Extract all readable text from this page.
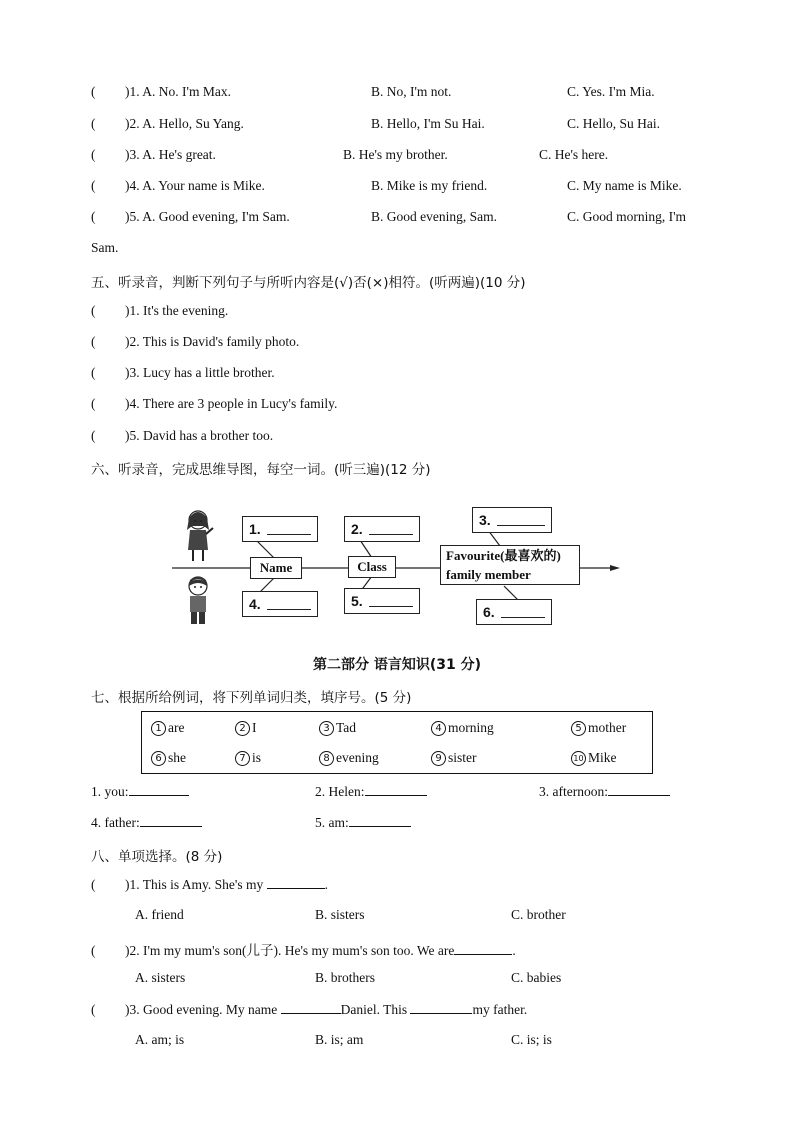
( )1. A. No. I'm Max.	B. No, I'm not.	C. Yes. I'm Mia.
( )2. A. Hello, Su Yang.	B. Hello, I'm Su Hai.	C. Hello, Su Hai.
( )3. A. He's great.	B. He's my brother.	C. He's here.
( )4. A. Your name is Mike.	B. Mike is my friend.	C. My name is Mike.
( )5. A. Good evening, I'm Sam.	B. Good evening, Sam.	C. Good morning, I'm
Sam.
五、听录音，判断下列句子与所听内容是(√)否(×)相符。(听两遍)(10 分)
( )1. It's the evening.
( )2. This is David's family photo.
( )3. Lucy has a little brother.
( )4. There are 3 people in Lucy's family.
( )5. David has a brother too.
六、听录音，完成思维导图，每空一词。(听三遍)(12 分)
Name	Class
Favourite(最喜欢的)
family member
1.	2.
3.
4.	5.
6.
第二部分 语言知识(31 分)
七、根据所给例词，将下列单词归类，填序号。(5 分)
1 are	2 I	3 Tad	4 morning	5 mother
6 she	7 is	8 evening	9 sister	10 Mike
1. you:	2. Helen:	3. afternoon:
4. father:	5. am:
八、单项选择。(8 分)
( )1. This is Amy. She's my	.
A. friend	B. sisters	C. brother
( )2. I'm my mum's son(儿子). He's my mum's son too. We are	.
A. sisters	B. brothers	C. babies
( )3. Good evening. My name	Daniel. This	my father.
A. am; is	B. is; am	C. is; is
